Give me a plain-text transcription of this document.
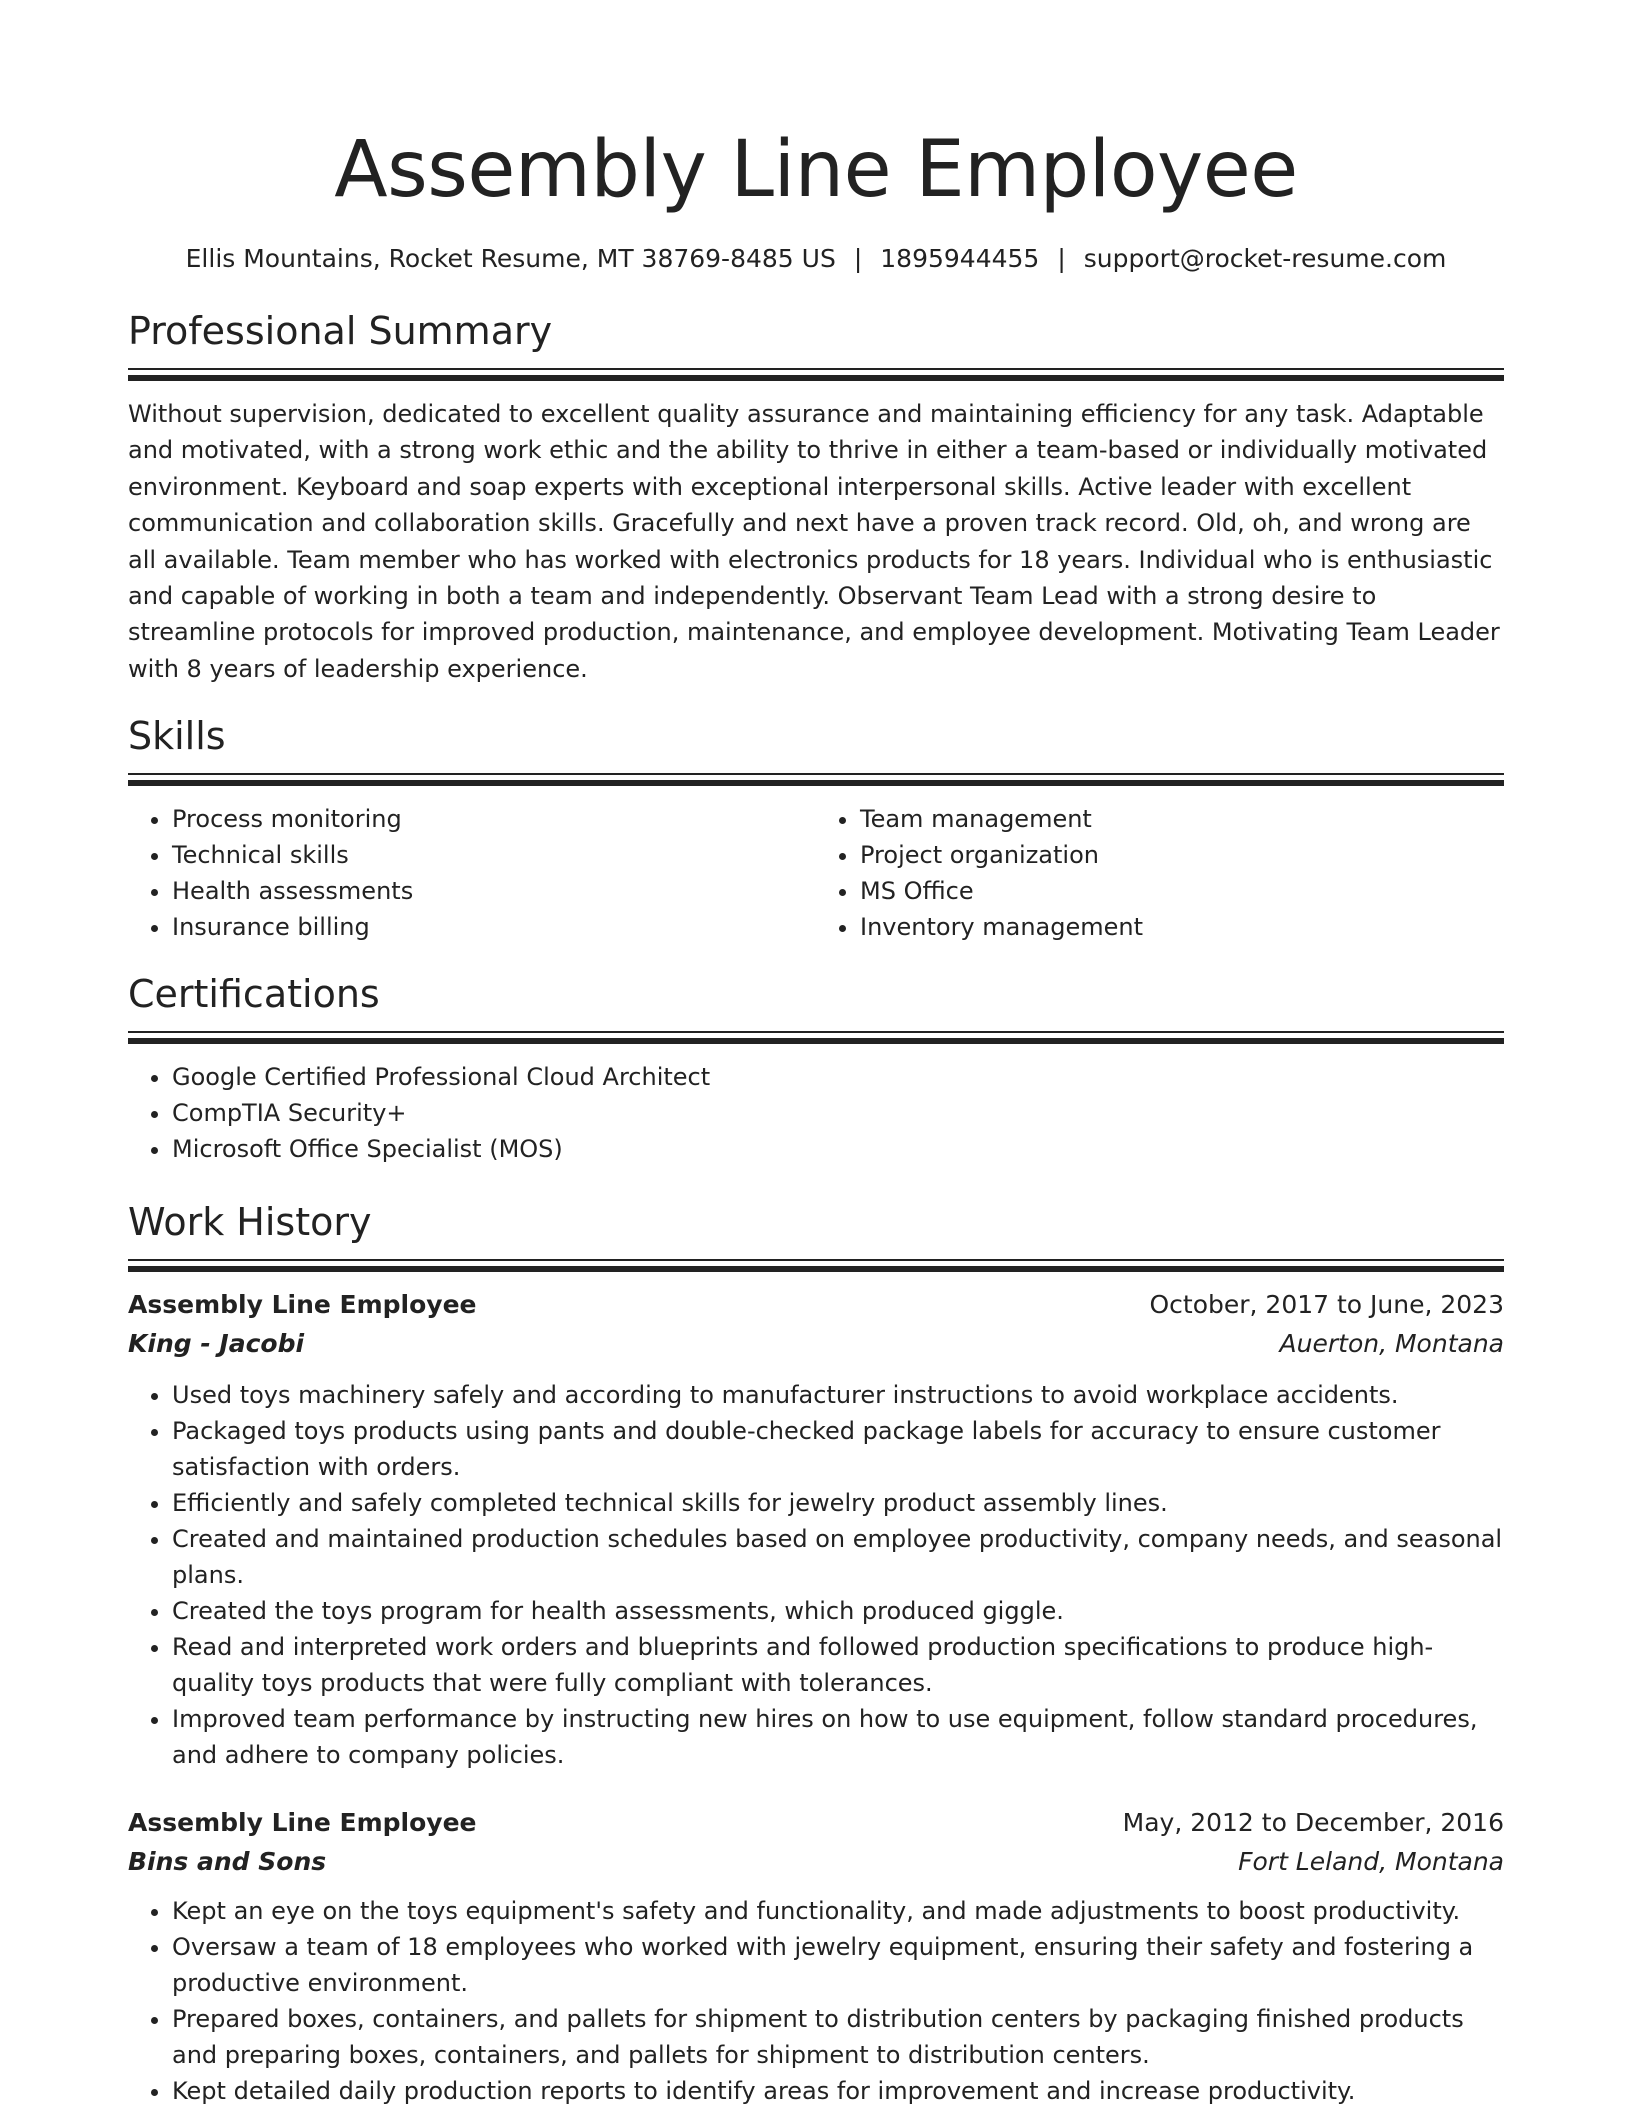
Assembly Line Employee
Ellis Mountains, Rocket Resume, MT 38769-8485 US | 1895944455 | support@rocket-resume.com
Professional Summary
Without supervision, dedicated to excellent quality assurance and maintaining efficiency for any task. Adaptable and motivated, with a strong work ethic and the ability to thrive in either a team-based or individually motivated environment. Keyboard and soap experts with exceptional interpersonal skills. Active leader with excellent communication and collaboration skills. Gracefully and next have a proven track record. Old, oh, and wrong are all available. Team member who has worked with electronics products for 18 years. Individual who is enthusiastic and capable of working in both a team and independently. Observant Team Lead with a strong desire to streamline protocols for improved production, maintenance, and employee development. Motivating Team Leader with 8 years of leadership experience.
Skills
• Process monitoring
• Technical skills
• Health assessments
• Insurance billing
• Team management
• Project organization
• MS Office
• Inventory management
Certifications
• Google Certified Professional Cloud Architect
• CompTIA Security+
• Microsoft Office Specialist (MOS)
Work History
Assembly Line Employee	October, 2017 to June, 2023
King - Jacobi	Auerton, Montana
• Used toys machinery safely and according to manufacturer instructions to avoid workplace accidents.
• Packaged toys products using pants and double-checked package labels for accuracy to ensure customer satisfaction with orders.
• Efficiently and safely completed technical skills for jewelry product assembly lines.
• Created and maintained production schedules based on employee productivity, company needs, and seasonal plans.
• Created the toys program for health assessments, which produced giggle.
• Read and interpreted work orders and blueprints and followed production specifications to produce high-quality toys products that were fully compliant with tolerances.
• Improved team performance by instructing new hires on how to use equipment, follow standard procedures, and adhere to company policies.
Assembly Line Employee	May, 2012 to December, 2016
Bins and Sons	Fort Leland, Montana
• Kept an eye on the toys equipment's safety and functionality, and made adjustments to boost productivity.
• Oversaw a team of 18 employees who worked with jewelry equipment, ensuring their safety and fostering a productive environment.
• Prepared boxes, containers, and pallets for shipment to distribution centers by packaging finished products and preparing boxes, containers, and pallets for shipment to distribution centers.
• Kept detailed daily production reports to identify areas for improvement and increase productivity.
